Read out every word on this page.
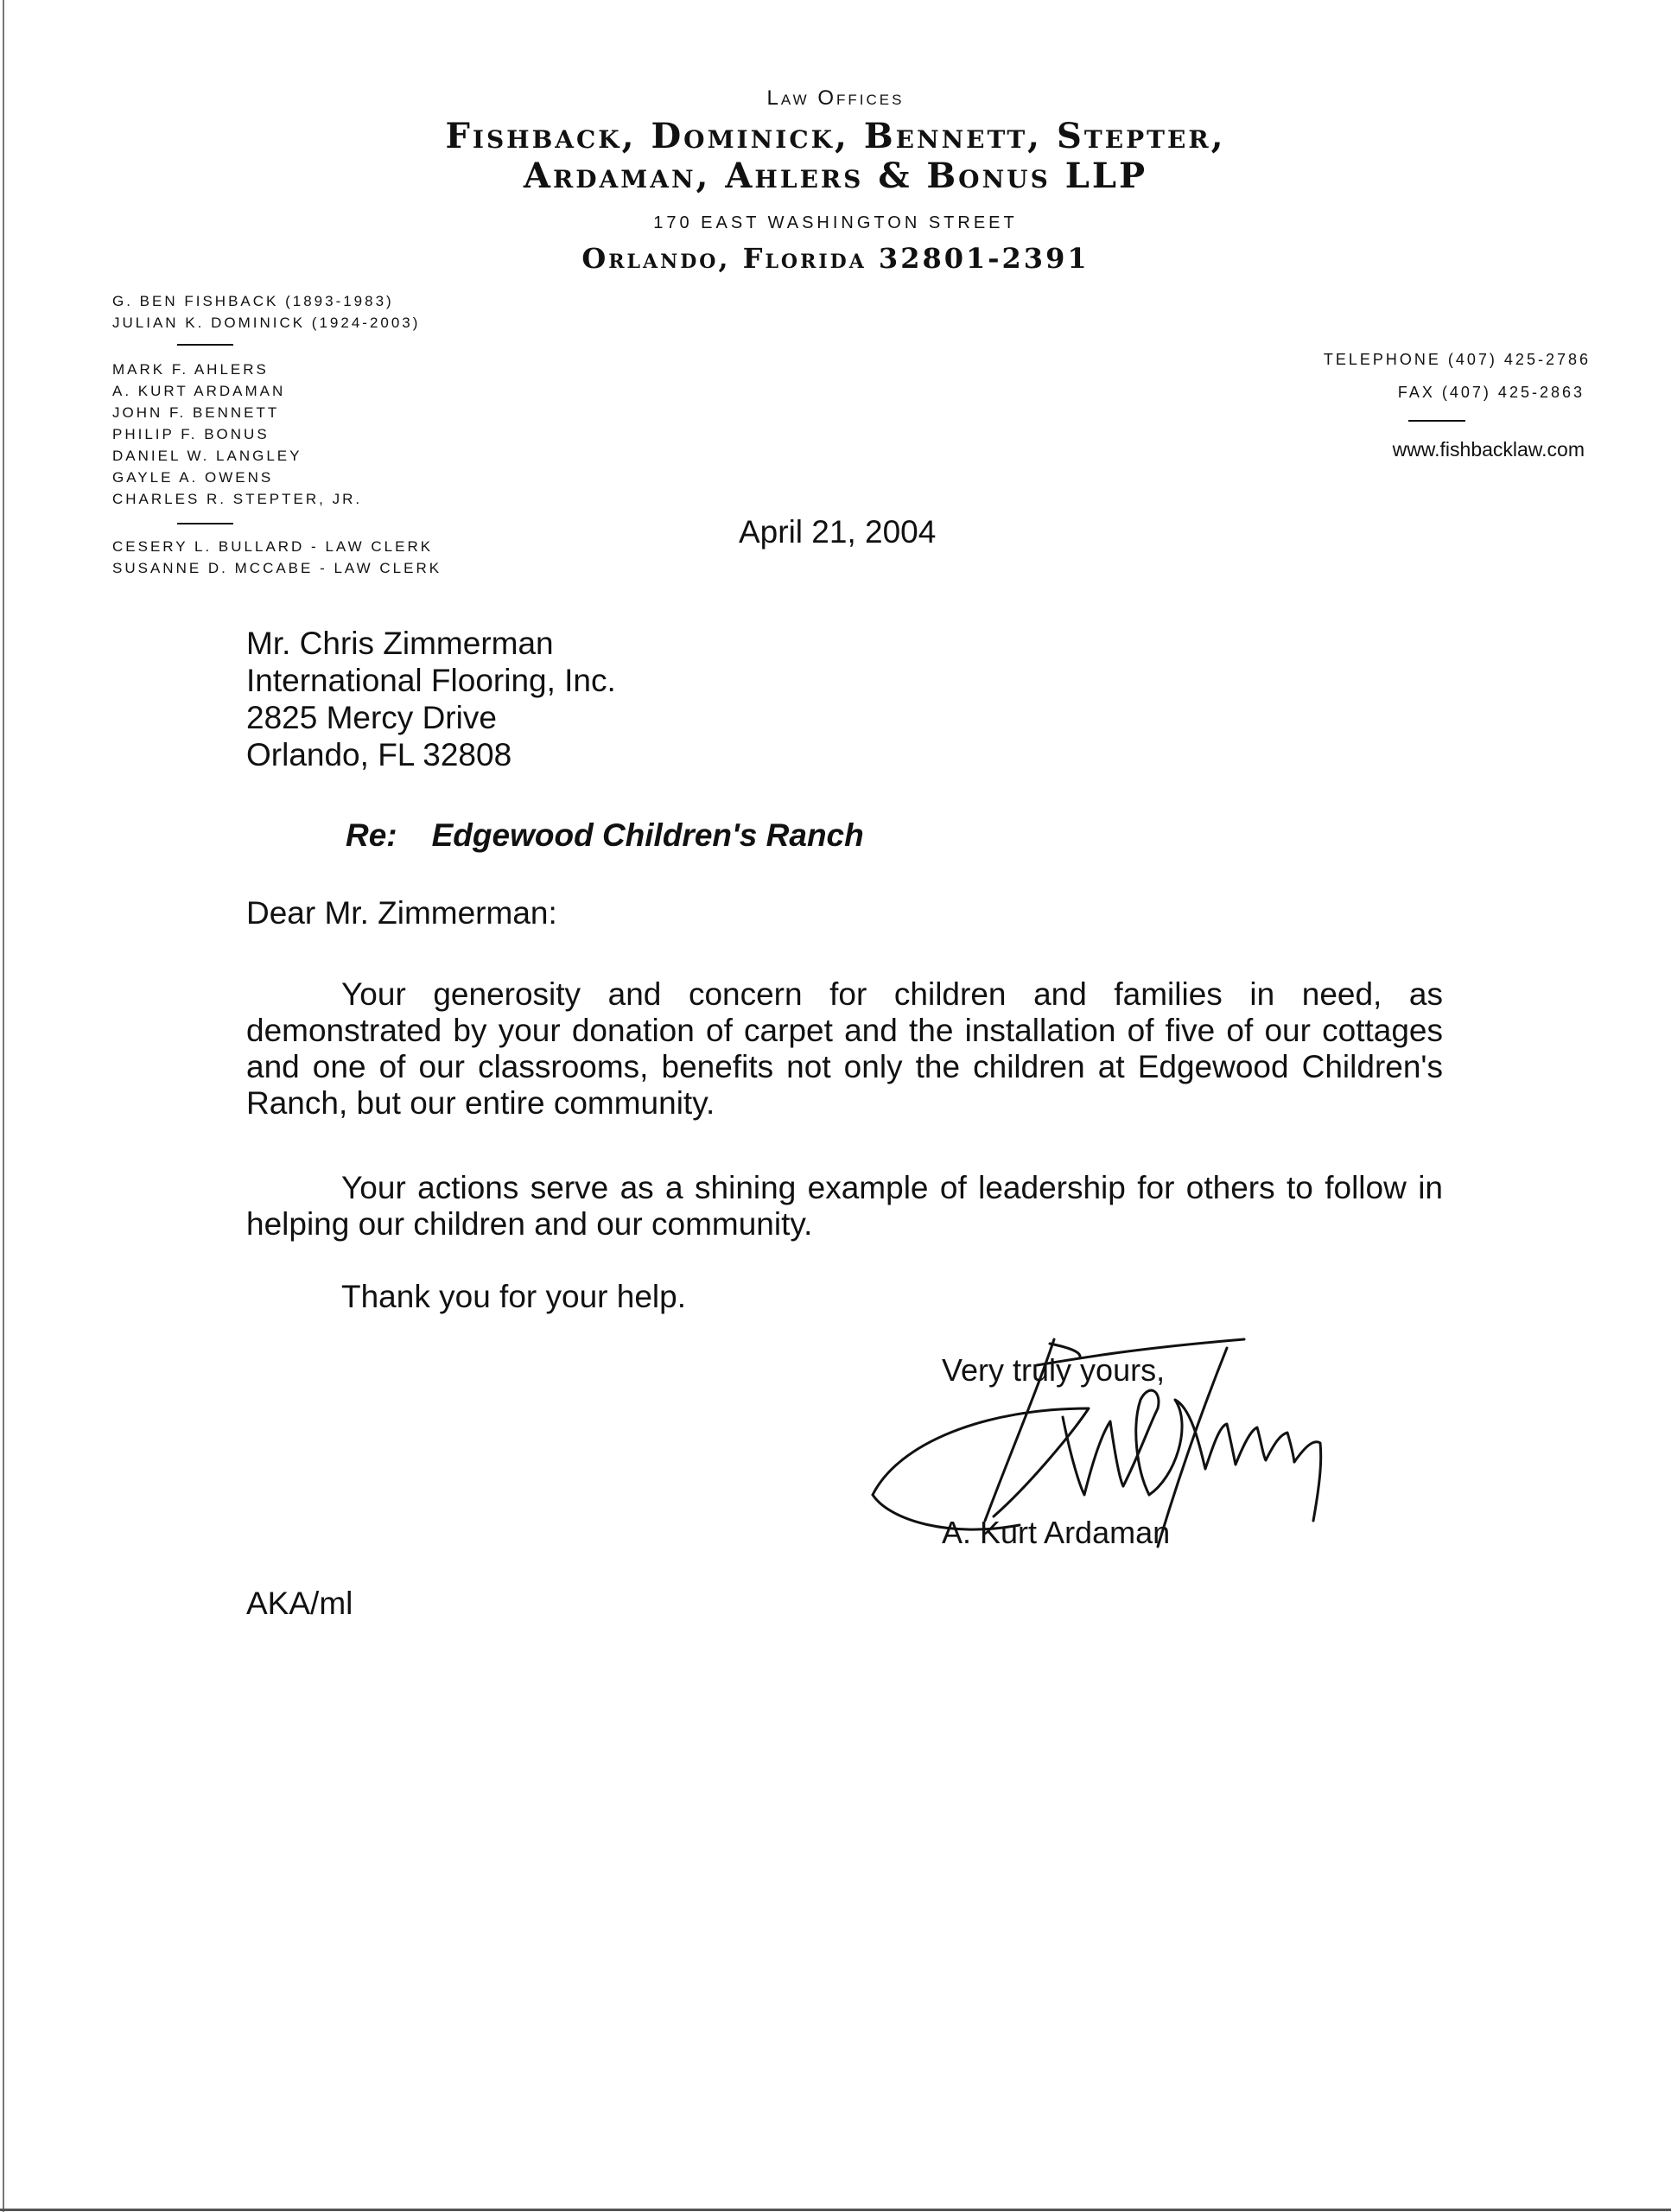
Law Offices
Fishback, Dominick, Bennett, Stepter,
Ardaman, Ahlers & Bonus LLP
170 EAST WASHINGTON STREET
Orlando, Florida 32801-2391
G. BEN FISHBACK (1893-1983)
JULIAN K. DOMINICK (1924-2003)
MARK F. AHLERS
A. KURT ARDAMAN
JOHN F. BENNETT
PHILIP F. BONUS
DANIEL W. LANGLEY
GAYLE A. OWENS
CHARLES R. STEPTER, JR.
CESERY L. BULLARD - LAW CLERK
SUSANNE D. MCCABE - LAW CLERK
TELEPHONE (407) 425-2786
FAX (407) 425-2863
www.fishbacklaw.com
April 21, 2004
Mr. Chris Zimmerman
International Flooring, Inc.
2825 Mercy Drive
Orlando, FL 32808
Re: Edgewood Children's Ranch
Dear Mr. Zimmerman:
Your generosity and concern for children and families in need, as demonstrated by your donation of carpet and the installation of five of our cottages and one of our classrooms, benefits not only the children at Edgewood Children's Ranch, but our entire community.
Your actions serve as a shining example of leadership for others to follow in helping our children and our community.
Thank you for your help.
Very truly yours,
A. Kurt Ardaman
AKA/ml
